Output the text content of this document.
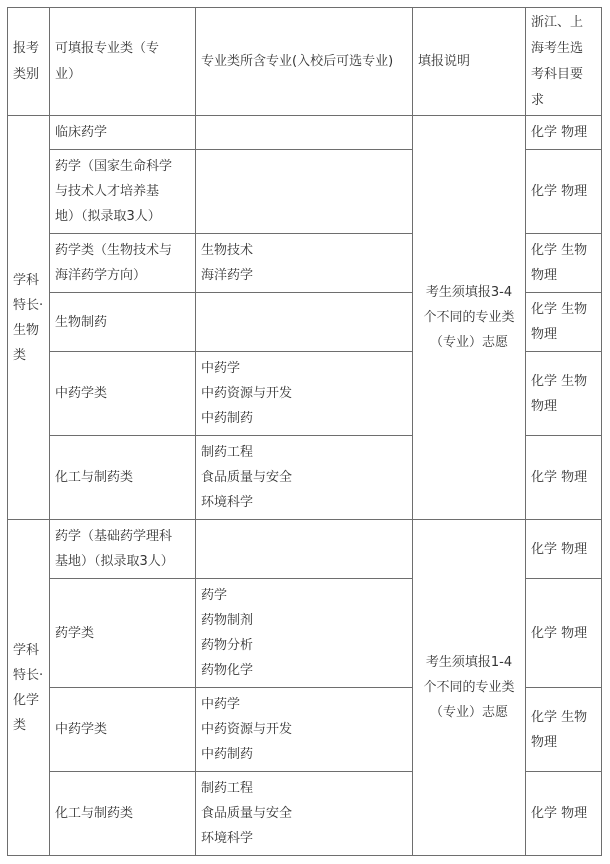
报考
类别	可填报专业类（专
业）	专业类所含专业(入校后可选专业)	填报说明	浙江、上
海考生选
考科目要
求
学科
特长·
生物
类	临床药学		考生须填报3-4
个不同的专业类
（专业）志愿	化学 物理
	药学（国家生命科学
与技术人才培养基
地）（拟录取3人）			化学 物理
	药学类（生物技术与
海洋药学方向）	生物技术
海洋药学		化学 生物
物理
	生物制药			化学 生物
物理
	中药学类	中药学
中药资源与开发
中药制药		化学 生物
物理
	化工与制药类	制药工程
食品质量与安全
环境科学		化学 物理
学科
特长·
化学
类	药学（基础药学理科
基地）（拟录取3人）		考生须填报1-4
个不同的专业类
（专业）志愿	化学 物理
	药学类	药学
药物制剂
药物分析
药物化学		化学 物理
	中药学类	中药学
中药资源与开发
中药制药		化学 生物
物理
	化工与制药类	制药工程
食品质量与安全
环境科学		化学 物理
